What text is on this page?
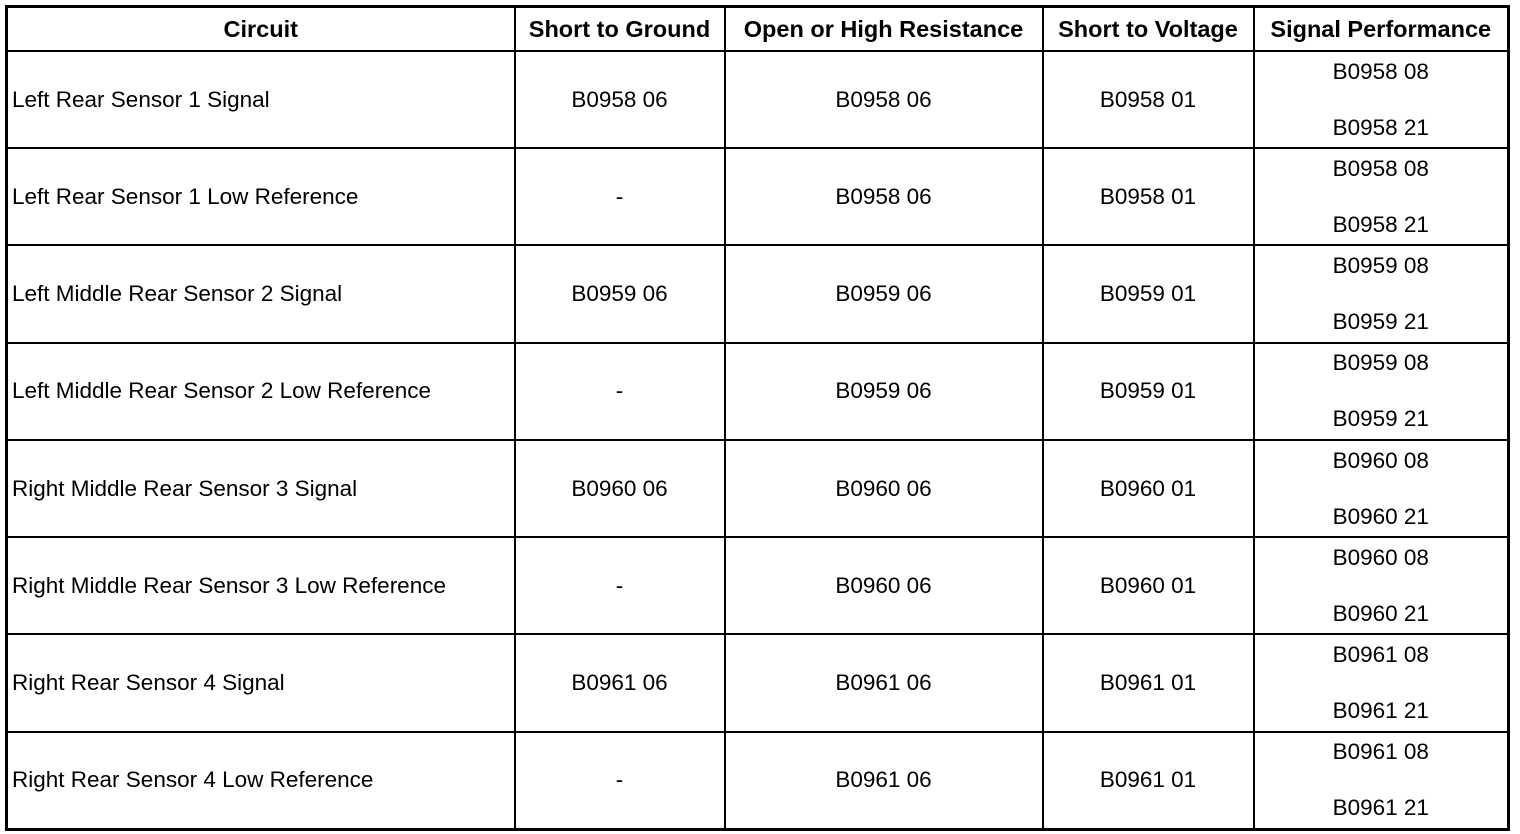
Circuit	Short to Ground	Open or High Resistance	Short to Voltage	Signal Performance
Left Rear Sensor 1 Signal	B0958 06	B0958 06	B0958 01	B0958 08
B0958 21

Left Rear Sensor 1 Low Reference	-	B0958 06	B0958 01	B0958 08
B0958 21

Left Middle Rear Sensor 2 Signal	B0959 06	B0959 06	B0959 01	B0959 08
B0959 21

Left Middle Rear Sensor 2 Low Reference	-	B0959 06	B0959 01	B0959 08
B0959 21

Right Middle Rear Sensor 3 Signal	B0960 06	B0960 06	B0960 01	B0960 08
B0960 21

Right Middle Rear Sensor 3 Low Reference	-	B0960 06	B0960 01	B0960 08
B0960 21

Right Rear Sensor 4 Signal	B0961 06	B0961 06	B0961 01	B0961 08
B0961 21

Right Rear Sensor 4 Low Reference	-	B0961 06	B0961 01	B0961 08
B0961 21
